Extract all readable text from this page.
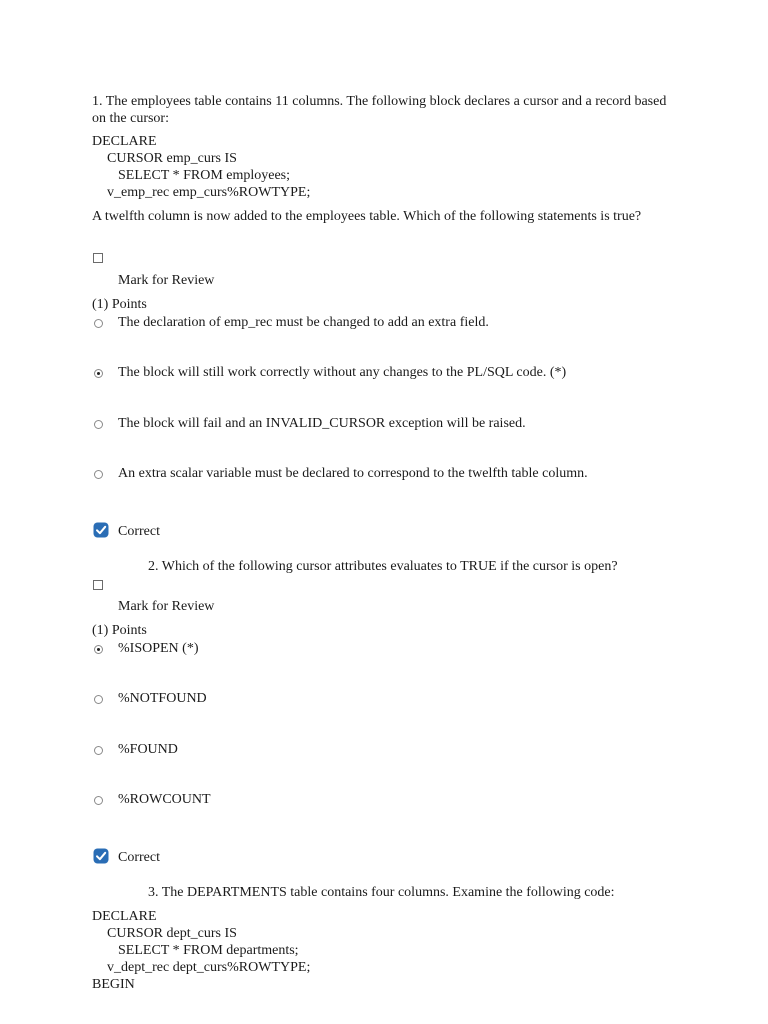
1. The employees table contains 11 columns. The following block declares a cursor and a record based on the cursor:
DECLARE
CURSOR emp_curs IS
SELECT * FROM employees;
v_emp_rec emp_curs%ROWTYPE;
A twelfth column is now added to the employees table. Which of the following statements is true?
Mark for Review
(1) Points
The declaration of emp_rec must be changed to add an extra field.
The block will still work correctly without any changes to the PL/SQL code. (*)
The block will fail and an INVALID_CURSOR exception will be raised.
An extra scalar variable must be declared to correspond to the twelfth table column.
Correct
2. Which of the following cursor attributes evaluates to TRUE if the cursor is open?
Mark for Review
(1) Points
%ISOPEN (*)
%NOTFOUND
%FOUND
%ROWCOUNT
Correct
3. The DEPARTMENTS table contains four columns. Examine the following code:
DECLARE
CURSOR dept_curs IS
SELECT * FROM departments;
v_dept_rec dept_curs%ROWTYPE;
BEGIN
